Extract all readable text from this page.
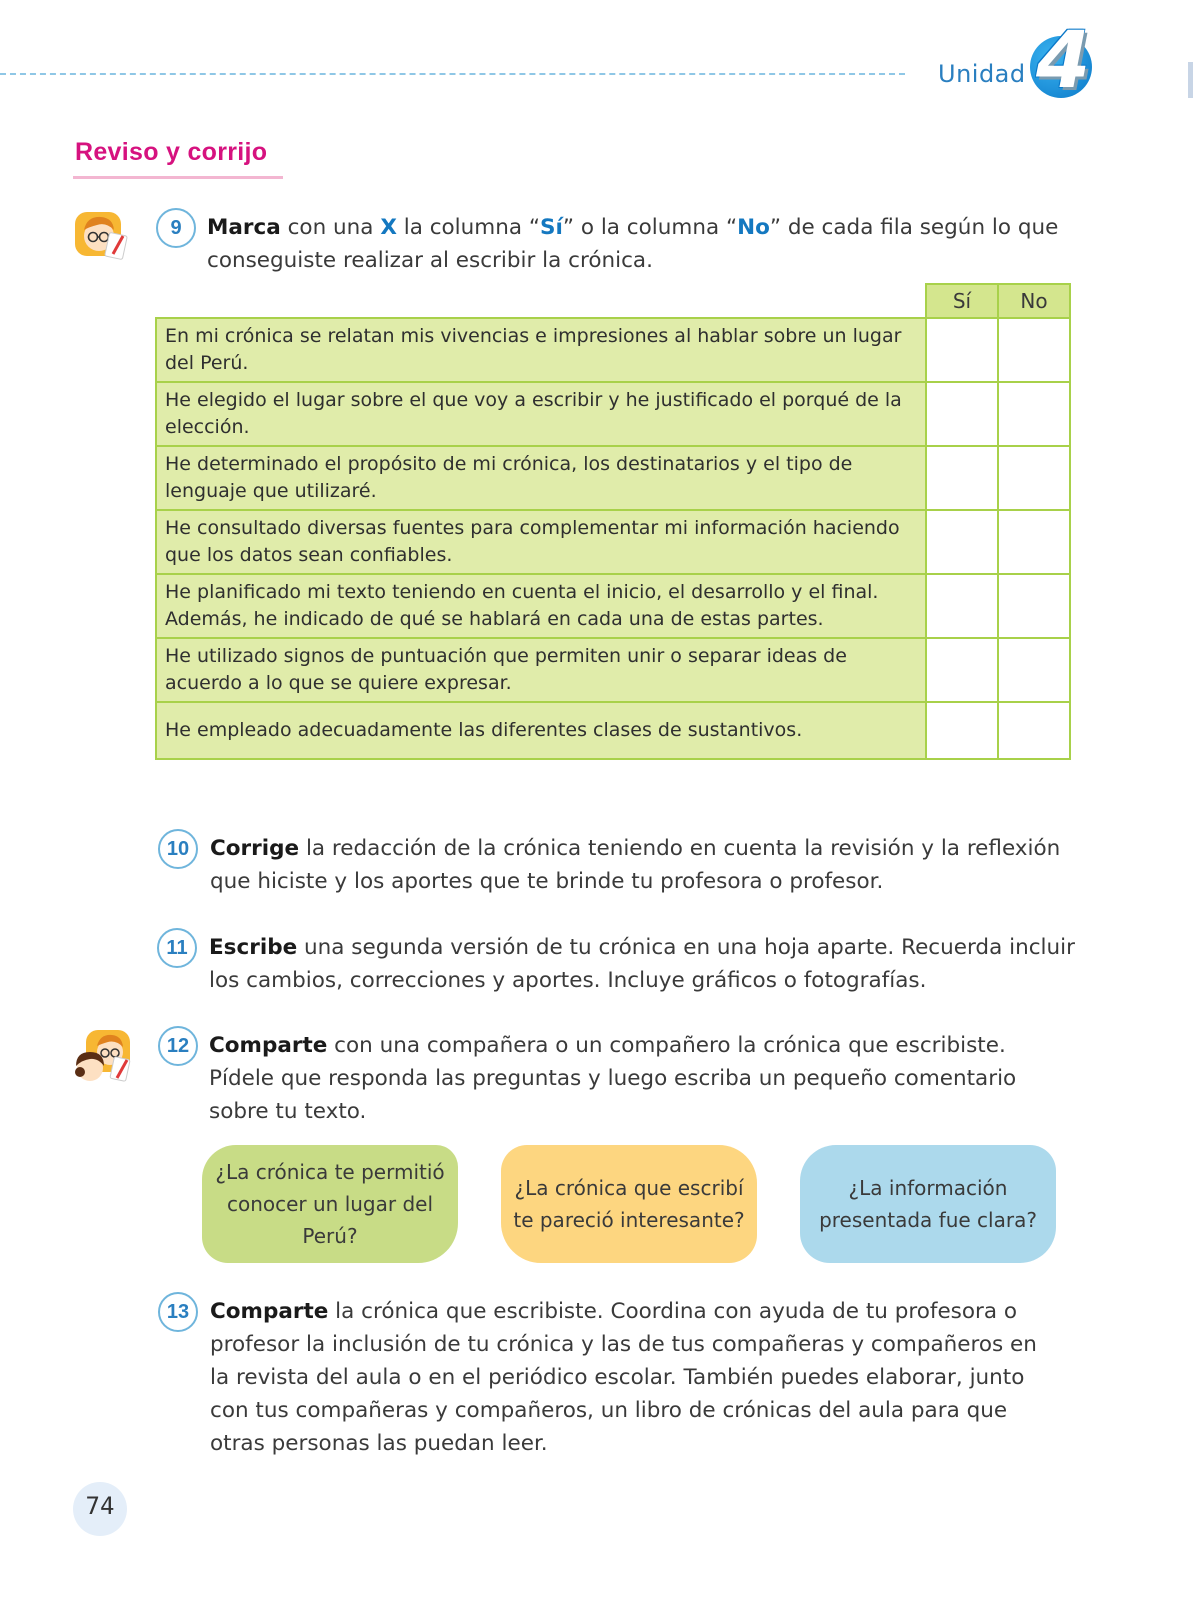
Unidad 4
Reviso y corrijo
9	Marca con una X la columna “Sí” o la columna “No” de cada fila según lo que conseguiste realizar al escribir la crónica.
	Sí	No
En mi crónica se relatan mis vivencias e impresiones al hablar sobre un lugar del Perú.		
He elegido el lugar sobre el que voy a escribir y he justificado el porqué de la elección.		
He determinado el propósito de mi crónica, los destinatarios y el tipo de lenguaje que utilizaré.		
He consultado diversas fuentes para complementar mi información haciendo que los datos sean confiables.		
He planificado mi texto teniendo en cuenta el inicio, el desarrollo y el final. Además, he indicado de qué se hablará en cada una de estas partes.		
He utilizado signos de puntuación que permiten unir o separar ideas de acuerdo a lo que se quiere expresar.		
He empleado adecuadamente las diferentes clases de sustantivos.		
10 Corrige la redacción de la crónica teniendo en cuenta la revisión y la reflexión que hiciste y los aportes que te brinde tu profesora o profesor.
11 Escribe una segunda versión de tu crónica en una hoja aparte. Recuerda incluir los cambios, correcciones y aportes. Incluye gráficos o fotografías.
12 Comparte con una compañera o un compañero la crónica que escribiste. Pídele que responda las preguntas y luego escriba un pequeño comentario sobre tu texto.
¿La crónica te permitió conocer un lugar del Perú?
¿La crónica que escribí te pareció interesante?
¿La información presentada fue clara?
13 Comparte la crónica que escribiste. Coordina con ayuda de tu profesora o profesor la inclusión de tu crónica y las de tus compañeras y compañeros en la revista del aula o en el periódico escolar. También puedes elaborar, junto con tus compañeras y compañeros, un libro de crónicas del aula para que otras personas las puedan leer.
74
